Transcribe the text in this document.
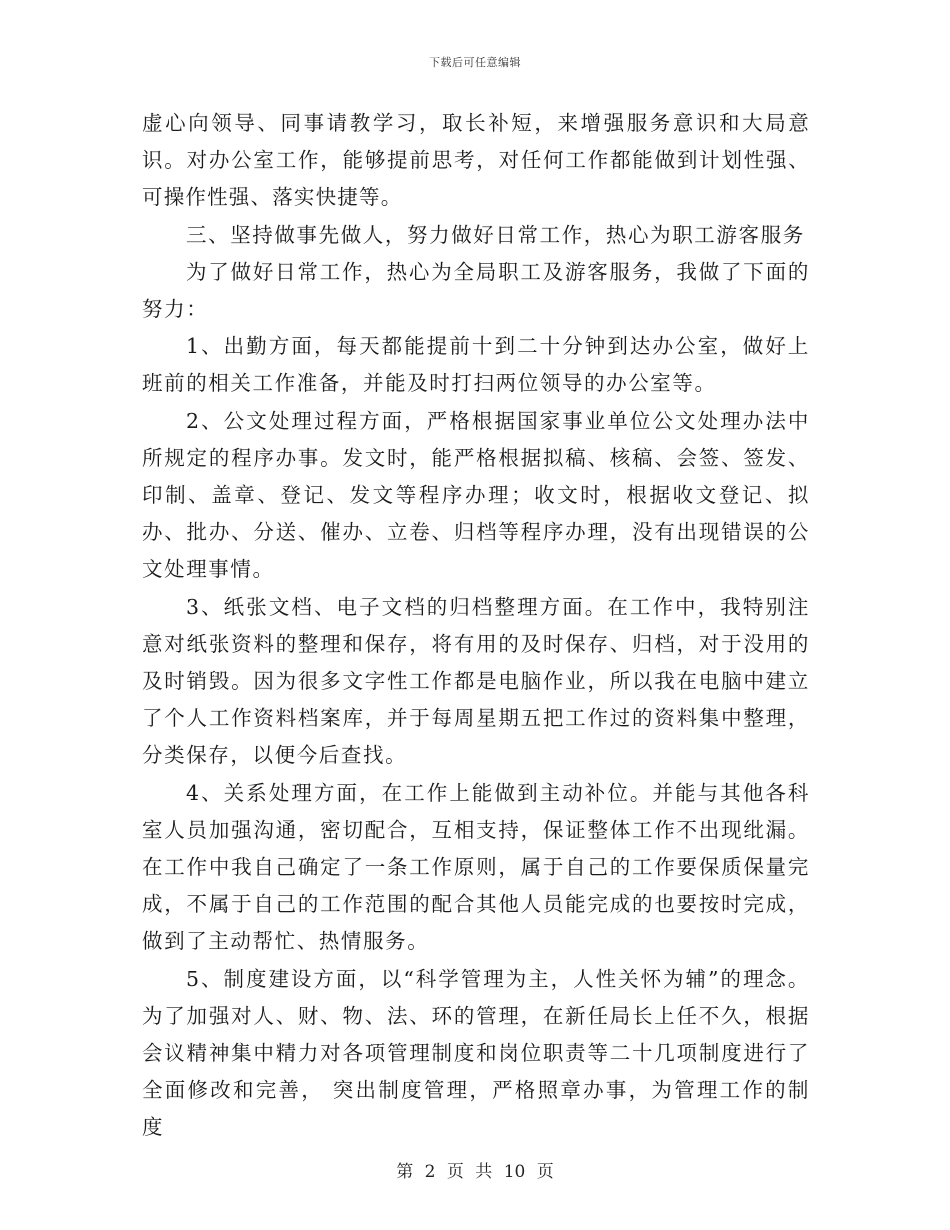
下载后可任意编辑

虚心向领导、同事请教学习，取长补短，来增强服务意识和大局意识。对办公室工作，能够提前思考，对任何工作都能做到计划性强、可操作性强、落实快捷等。

三、坚持做事先做人，努力做好日常工作，热心为职工游客服务

为了做好日常工作，热心为全局职工及游客服务，我做了下面的努力：

1、出勤方面，每天都能提前十到二十分钟到达办公室，做好上班前的相关工作准备，并能及时打扫两位领导的办公室等。

2、公文处理过程方面，严格根据国家事业单位公文处理办法中所规定的程序办事。发文时，能严格根据拟稿、核稿、会签、签发、印制、盖章、登记、发文等程序办理；收文时，根据收文登记、拟办、批办、分送、催办、立卷、归档等程序办理，没有出现错误的公文处理事情。

3、纸张文档、电子文档的归档整理方面。在工作中，我特别注意对纸张资料的整理和保存，将有用的及时保存、归档，对于没用的及时销毁。因为很多文字性工作都是电脑作业，所以我在电脑中建立了个人工作资料档案库，并于每周星期五把工作过的资料集中整理，分类保存，以便今后查找。

4、关系处理方面，在工作上能做到主动补位。并能与其他各科室人员加强沟通，密切配合，互相支持，保证整体工作不出现纰漏。在工作中我自己确定了一条工作原则，属于自己的工作要保质保量完成，不属于自己的工作范围的配合其他人员能完成的也要按时完成，做到了主动帮忙、热情服务。

5、制度建设方面，以“科学管理为主，人性关怀为辅”的理念。为了加强对人、财、物、法、环的管理，在新任局长上任不久，根据会议精神集中精力对各项管理制度和岗位职责等二十几项制度进行了全面修改和完善， 突出制度管理，严格照章办事，为管理工作的制度

第 2 页 共 10 页
